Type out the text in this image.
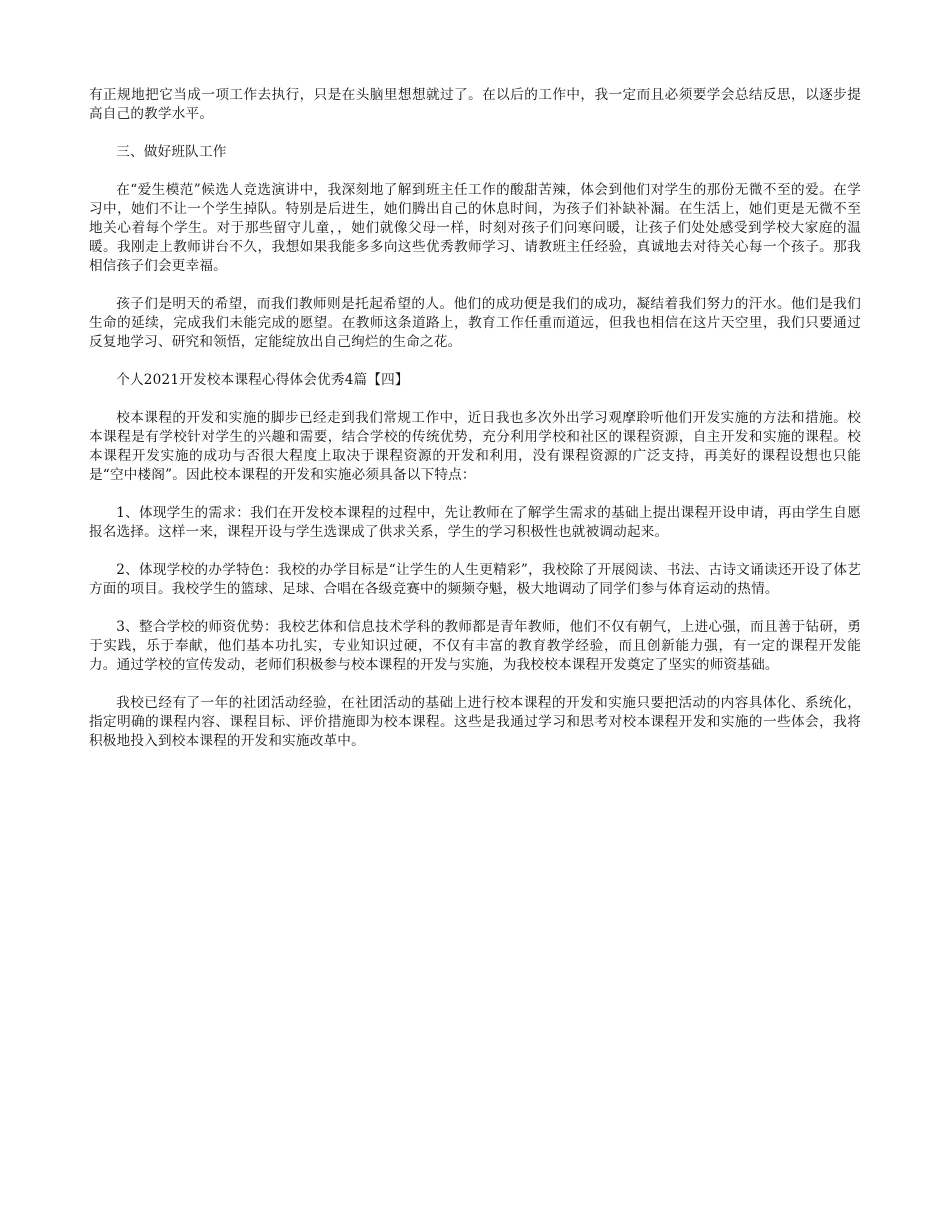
有正规地把它当成一项工作去执行，只是在头脑里想想就过了。在以后的工作中，我一定而且必须要学会总结反思，以逐步提高自己的教学水平。

三、做好班队工作

在“爱生模范”候选人竞选演讲中，我深刻地了解到班主任工作的酸甜苦辣，体会到他们对学生的那份无微不至的爱。在学习中，她们不让一个学生掉队。特别是后进生，她们腾出自己的休息时间，为孩子们补缺补漏。在生活上，她们更是无微不至地关心着每个学生。对于那些留守儿童，，她们就像父母一样，时刻对孩子们问寒问暖，让孩子们处处感受到学校大家庭的温暖。我刚走上教师讲台不久，我想如果我能多多向这些优秀教师学习、请教班主任经验，真诚地去对待关心每一个孩子。那我相信孩子们会更幸福。

孩子们是明天的希望，而我们教师则是托起希望的人。他们的成功便是我们的成功，凝结着我们努力的汗水。他们是我们生命的延续，完成我们未能完成的愿望。在教师这条道路上，教育工作任重而道远，但我也相信在这片天空里，我们只要通过反复地学习、研究和领悟，定能绽放出自己绚烂的生命之花。

个人2021开发校本课程心得体会优秀4篇【四】

校本课程的开发和实施的脚步已经走到我们常规工作中，近日我也多次外出学习观摩聆听他们开发实施的方法和措施。校本课程是有学校针对学生的兴趣和需要，结合学校的传统优势，充分利用学校和社区的课程资源，自主开发和实施的课程。校本课程开发实施的成功与否很大程度上取决于课程资源的开发和利用，没有课程资源的广泛支持，再美好的课程设想也只能是“空中楼阁”。因此校本课程的开发和实施必须具备以下特点：

1、体现学生的需求：我们在开发校本课程的过程中，先让教师在了解学生需求的基础上提出课程开设申请，再由学生自愿报名选择。这样一来，课程开设与学生选课成了供求关系，学生的学习积极性也就被调动起来。

2、体现学校的办学特色：我校的办学目标是“让学生的人生更精彩”，我校除了开展阅读、书法、古诗文诵读还开设了体艺方面的项目。我校学生的篮球、足球、合唱在各级竞赛中的频频夺魁，极大地调动了同学们参与体育运动的热情。

3、整合学校的师资优势：我校艺体和信息技术学科的教师都是青年教师，他们不仅有朝气，上进心强，而且善于钻研，勇于实践，乐于奉献，他们基本功扎实，专业知识过硬，不仅有丰富的教育教学经验，而且创新能力强，有一定的课程开发能力。通过学校的宣传发动，老师们积极参与校本课程的开发与实施，为我校校本课程开发奠定了坚实的师资基础。

我校已经有了一年的社团活动经验，在社团活动的基础上进行校本课程的开发和实施只要把活动的内容具体化、系统化，指定明确的课程内容、课程目标、评价措施即为校本课程。这些是我通过学习和思考对校本课程开发和实施的一些体会，我将积极地投入到校本课程的开发和实施改革中。
